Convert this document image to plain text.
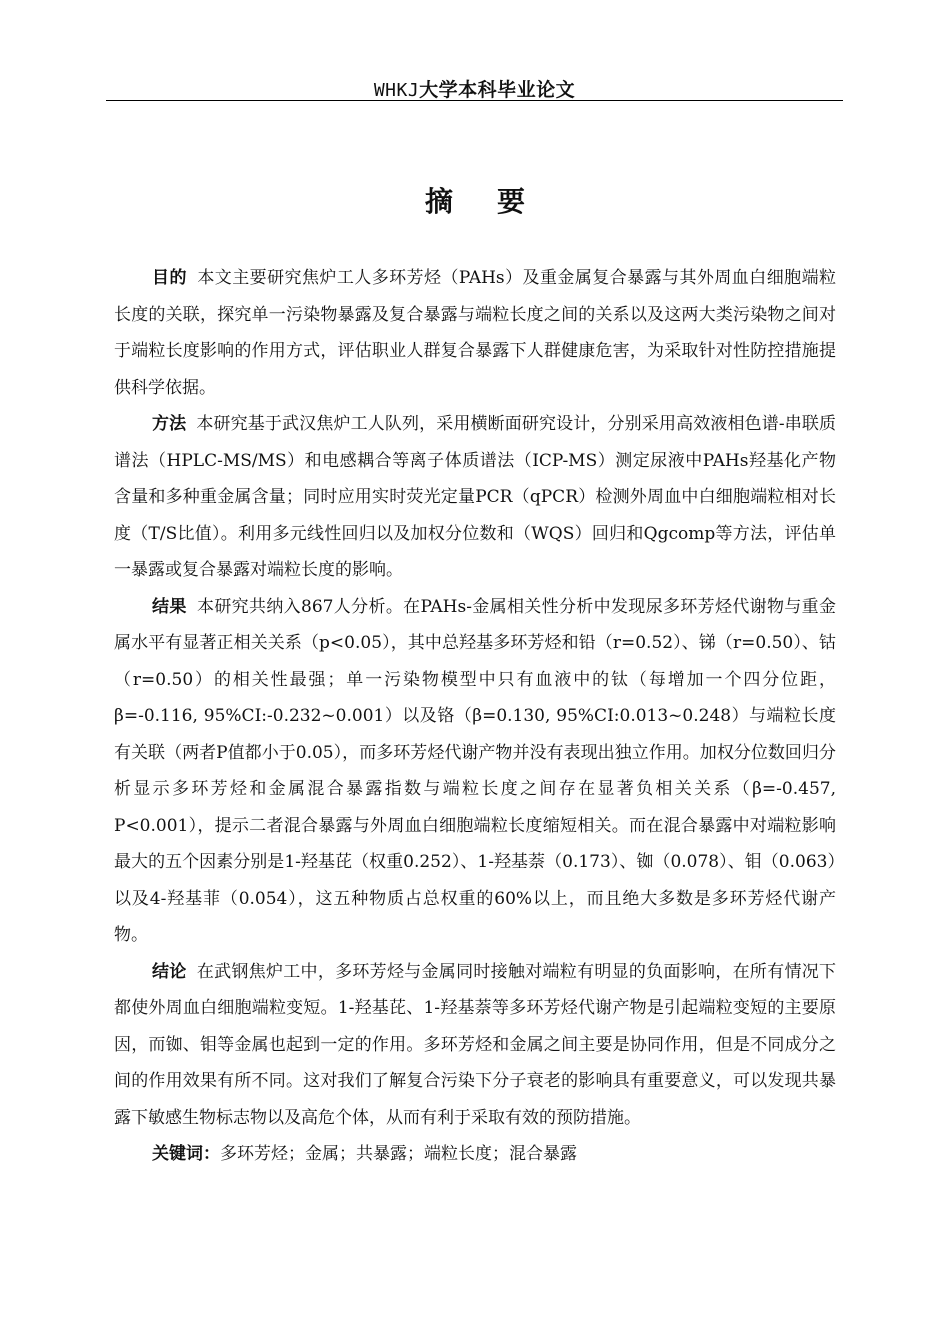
WHKJ大学本科毕业论文
摘要

目的 本文主要研究焦炉工人多环芳烃（PAHs）及重金属复合暴露与其外周血白细胞端粒长度的关联，探究单一污染物暴露及复合暴露与端粒长度之间的关系以及这两大类污染物之间对于端粒长度影响的作用方式，评估职业人群复合暴露下人群健康危害，为采取针对性防控措施提供科学依据。

方法 本研究基于武汉焦炉工人队列，采用横断面研究设计，分别采用高效液相色谱-串联质谱法（HPLC-MS/MS）和电感耦合等离子体质谱法（ICP-MS）测定尿液中PAHs羟基化产物含量和多种重金属含量；同时应用实时荧光定量PCR（qPCR）检测外周血中白细胞端粒相对长度（T/S比值）。利用多元线性回归以及加权分位数和（WQS）回归和Qgcomp等方法，评估单一暴露或复合暴露对端粒长度的影响。

结果 本研究共纳入867人分析。在PAHs-金属相关性分析中发现尿多环芳烃代谢物与重金属水平有显著正相关关系（p<0.05），其中总羟基多环芳烃和铅（r=0.52）、锑（r=0.50）、钴（r=0.50）的相关性最强；单一污染物模型中只有血液中的钛（每增加一个四分位距，β=-0.116, 95%CI:-0.232~0.001）以及铬（β=0.130, 95%CI:0.013~0.248）与端粒长度有关联（两者P值都小于0.05），而多环芳烃代谢产物并没有表现出独立作用。加权分位数回归分析显示多环芳烃和金属混合暴露指数与端粒长度之间存在显著负相关关系（β=-0.457, P<0.001），提示二者混合暴露与外周血白细胞端粒长度缩短相关。而在混合暴露中对端粒影响最大的五个因素分别是1-羟基芘（权重0.252）、1-羟基萘（0.173）、铷（0.078）、钼（0.063）以及4-羟基菲（0.054），这五种物质占总权重的60%以上，而且绝大多数是多环芳烃代谢产物。

结论 在武钢焦炉工中，多环芳烃与金属同时接触对端粒有明显的负面影响，在所有情况下都使外周血白细胞端粒变短。1-羟基芘、1-羟基萘等多环芳烃代谢产物是引起端粒变短的主要原因，而铷、钼等金属也起到一定的作用。多环芳烃和金属之间主要是协同作用，但是不同成分之间的作用效果有所不同。这对我们了解复合污染下分子衰老的影响具有重要意义，可以发现共暴露下敏感生物标志物以及高危个体，从而有利于采取有效的预防措施。

关键词：多环芳烃；金属；共暴露；端粒长度；混合暴露
